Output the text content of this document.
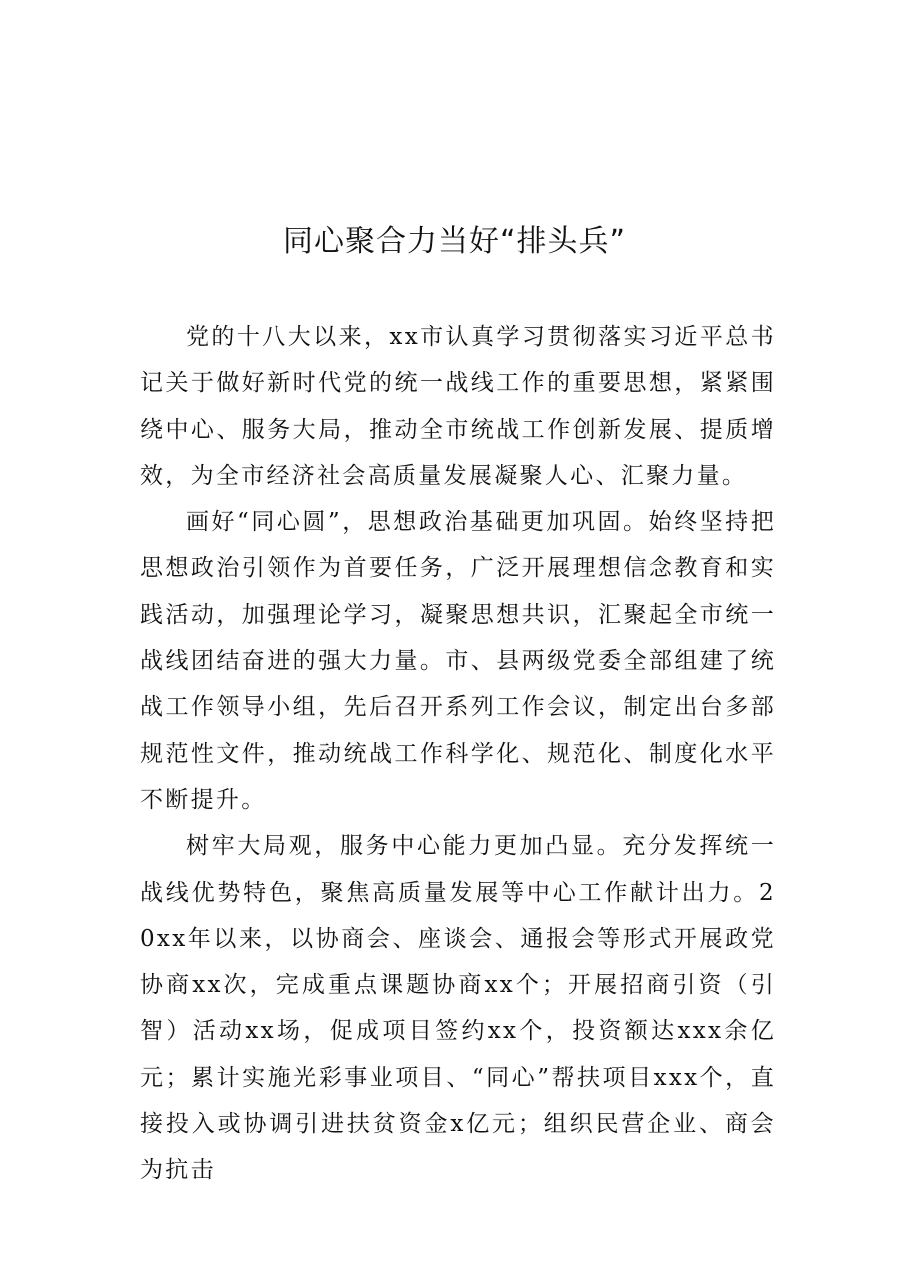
同心聚合力当好“排头兵”

党的十八大以来，xx市认真学习贯彻落实习近平总书记关于做好新时代党的统一战线工作的重要思想，紧紧围绕中心、服务大局，推动全市统战工作创新发展、提质增效，为全市经济社会高质量发展凝聚人心、汇聚力量。

画好“同心圆”，思想政治基础更加巩固。始终坚持把思想政治引领作为首要任务，广泛开展理想信念教育和实践活动，加强理论学习，凝聚思想共识，汇聚起全市统一战线团结奋进的强大力量。市、县两级党委全部组建了统战工作领导小组，先后召开系列工作会议，制定出台多部规范性文件，推动统战工作科学化、规范化、制度化水平不断提升。

树牢大局观，服务中心能力更加凸显。充分发挥统一战线优势特色，聚焦高质量发展等中心工作献计出力。20xx年以来，以协商会、座谈会、通报会等形式开展政党协商xx次，完成重点课题协商xx个；开展招商引资（引智）活动xx场，促成项目签约xx个，投资额达xxx余亿元；累计实施光彩事业项目、“同心”帮扶项目xxx个，直接投入或协调引进扶贫资金x亿元；组织民营企业、商会为抗击
